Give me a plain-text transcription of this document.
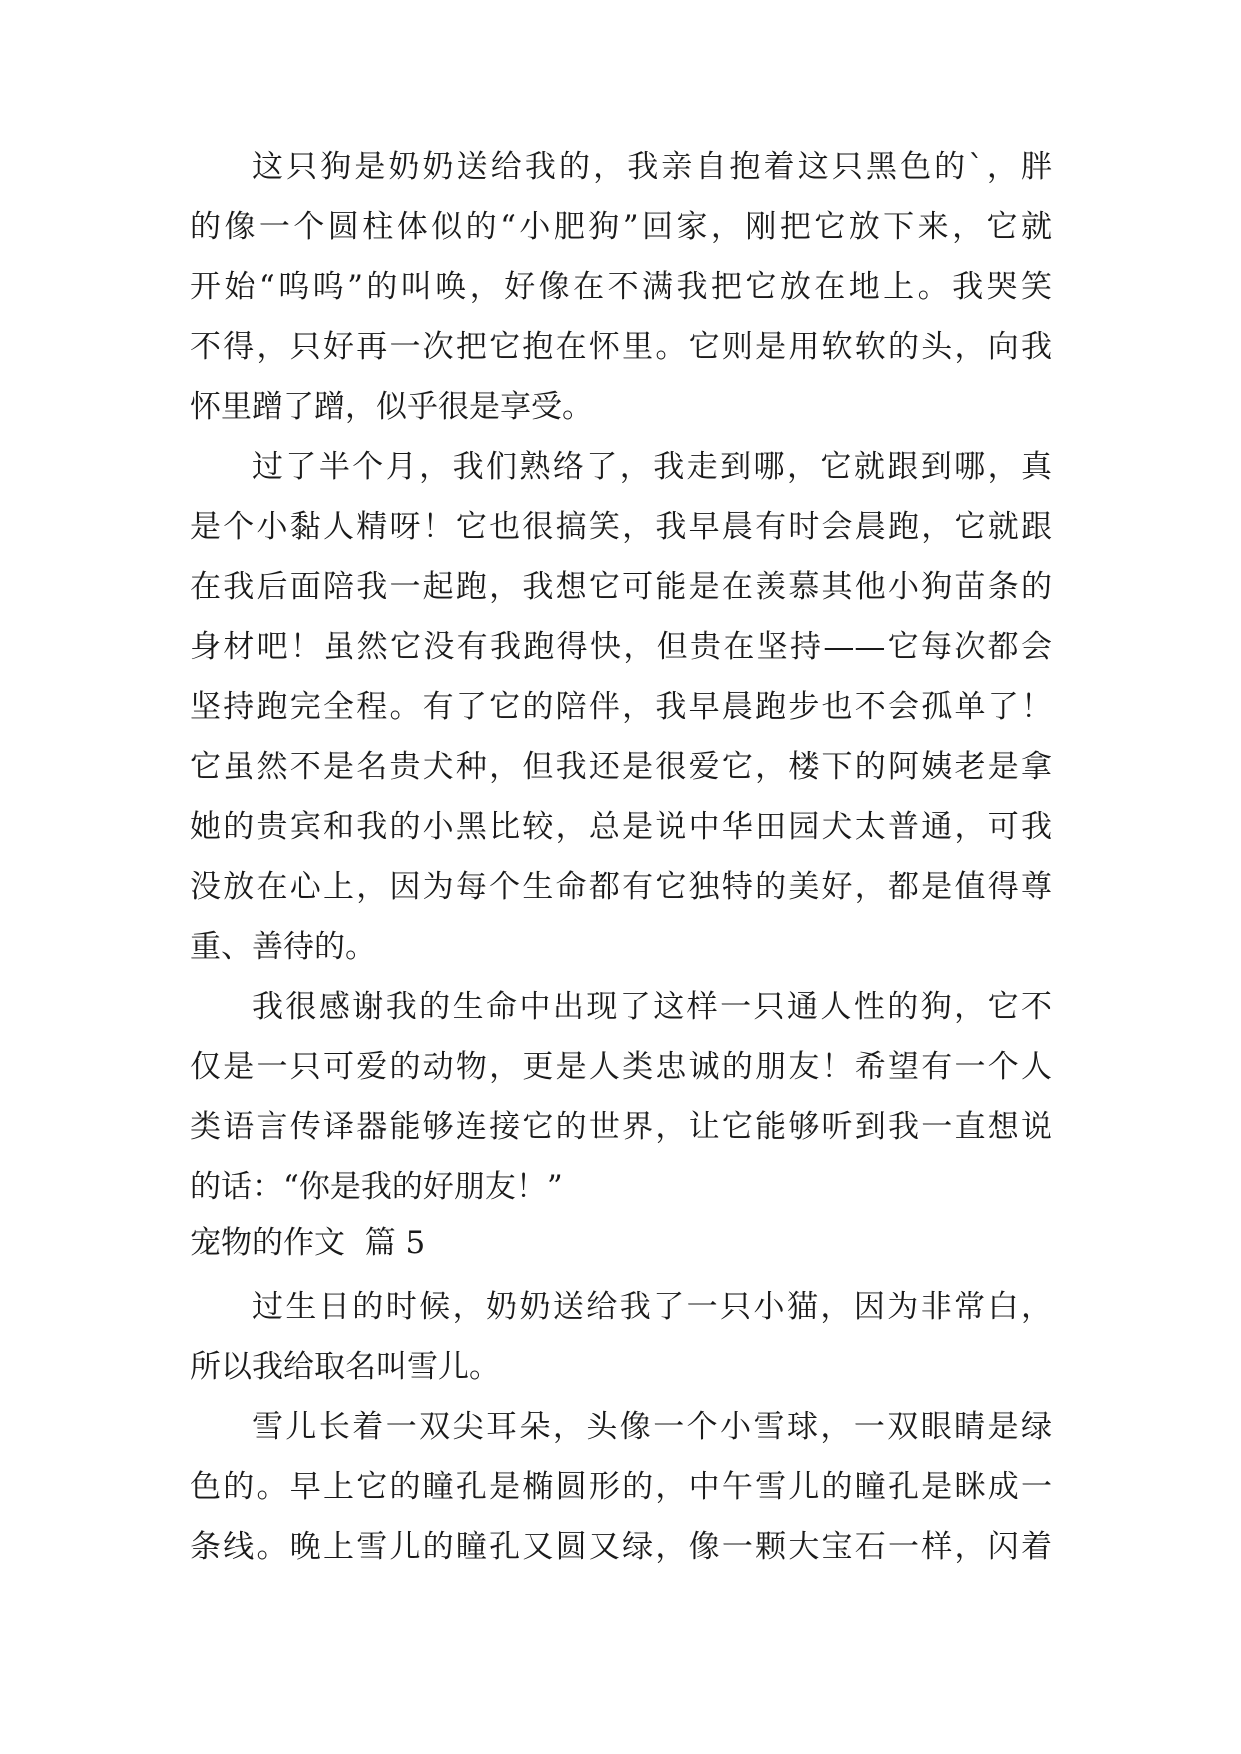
这只狗是奶奶送给我的，我亲自抱着这只黑色的`，胖
的像一个圆柱体似的“小肥狗”回家，刚把它放下来，它就
开始“呜呜”的叫唤，好像在不满我把它放在地上。我哭笑
不得，只好再一次把它抱在怀里。它则是用软软的头，向我
怀里蹭了蹭，似乎很是享受。
过了半个月，我们熟络了，我走到哪，它就跟到哪，真
是个小黏人精呀！它也很搞笑，我早晨有时会晨跑，它就跟
在我后面陪我一起跑，我想它可能是在羡慕其他小狗苗条的
身材吧！虽然它没有我跑得快，但贵在坚持——它每次都会
坚持跑完全程。有了它的陪伴，我早晨跑步也不会孤单了！
它虽然不是名贵犬种，但我还是很爱它，楼下的阿姨老是拿
她的贵宾和我的小黑比较，总是说中华田园犬太普通，可我
没放在心上，因为每个生命都有它独特的美好，都是值得尊
重、善待的。
我很感谢我的生命中出现了这样一只通人性的狗，它不
仅是一只可爱的动物，更是人类忠诚的朋友！希望有一个人
类语言传译器能够连接它的世界，让它能够听到我一直想说
的话：“你是我的好朋友！”
宠物的作文  篇 5
过生日的时候，奶奶送给我了一只小猫，因为非常白，
所以我给取名叫雪儿。
雪儿长着一双尖耳朵，头像一个小雪球，一双眼睛是绿
色的。早上它的瞳孔是椭圆形的，中午雪儿的瞳孔是眯成一
条线。晚上雪儿的瞳孔又圆又绿，像一颗大宝石一样，闪着
